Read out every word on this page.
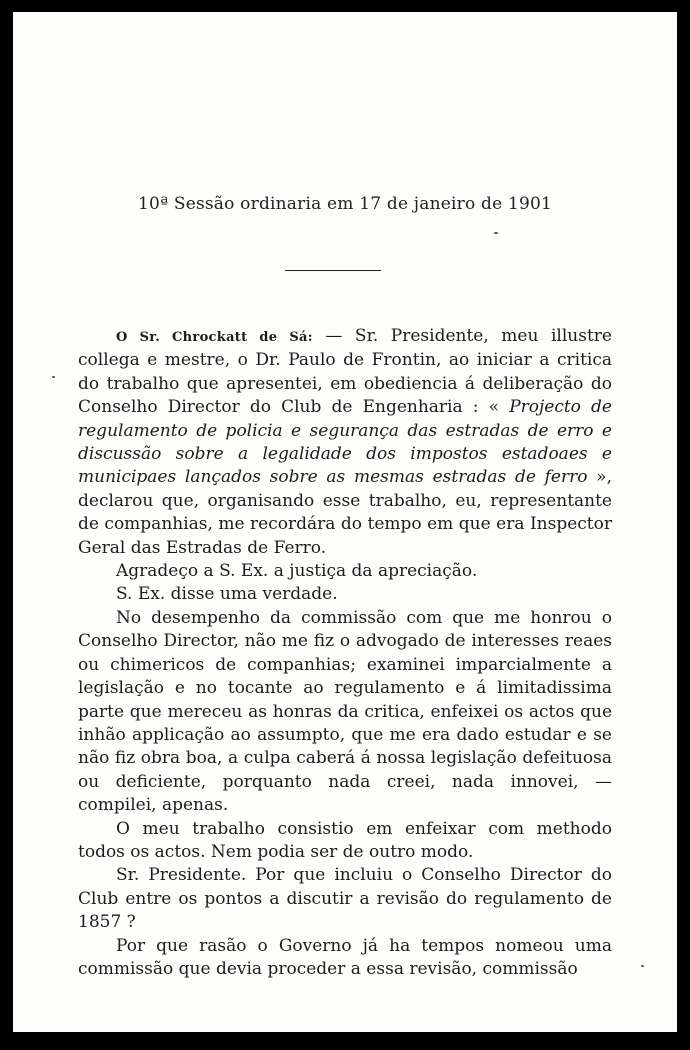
10ª Sessão ordinaria em 17 de janeiro de 1901

O Sr. Chrockatt de Sá: — Sr. Presidente, meu illustre collega e mestre, o Dr. Paulo de Frontin, ao iniciar a critica do trabalho que apresentei, em obediencia á deliberação do Conselho Director do Club de Engenharia : « Projecto de regulamento de policia e segurança das estradas de erro e discussão sobre a legalidade dos impostos estadoaes e municipaes lançados sobre as mesmas estradas de ferro », declarou que, organisando esse trabalho, eu, representante de companhias, me recordára do tempo em que era Inspector Geral das Estradas de Ferro.

Agradeço a S. Ex. a justiça da apreciação.

S. Ex. disse uma verdade.

No desempenho da commissão com que me honrou o Conselho Director, não me fiz o advogado de interesses reaes ou chimericos de companhias; examinei imparcialmente a legislação e no tocante ao regulamento e á limitadissima parte que mereceu as honras da critica, enfeixei os actos que inhão applicação ao assumpto, que me era dado estudar e se não fiz obra boa, a culpa caberá á nossa legislação defeituosa ou deficiente, porquanto nada creei, nada innovei, — compilei, apenas.

O meu trabalho consistio em enfeixar com methodo todos os actos. Nem podia ser de outro modo.

Sr. Presidente. Por que incluiu o Conselho Director do Club entre os pontos a discutir a revisão do regulamento de 1857 ?

Por que rasão o Governo já ha tempos nomeou uma commissão que devia proceder a essa revisão, commissão
